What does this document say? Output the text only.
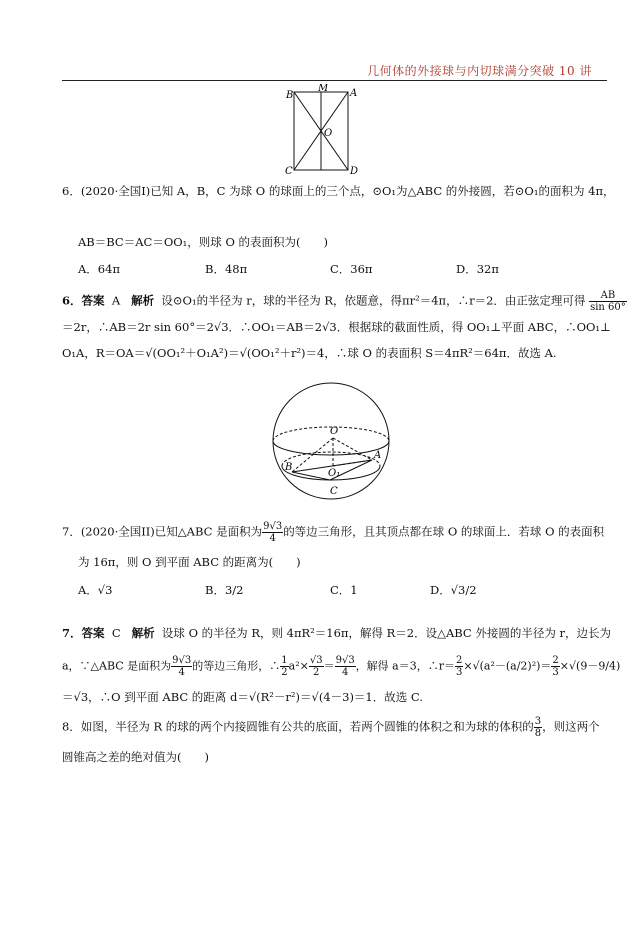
几何体的外接球与内切球满分突破 10 讲
B
M A
O
C	D
6．(2020·全国I)已知 A，B，C 为球 O 的球面上的三个点，⊙O₁为△ABC 的外接圆，若⊙O₁的面积为 4π，
AB＝BC＝AC＝OO₁，则球 O 的表面积为(　　)
A．64π	B．48π	C．36π	D．32π
6．答案 A 解析 设⊙O₁的半径为 r，球的半径为 R，依题意，得πr²＝4π，∴r＝2．由正弦定理可得 $\frac{AB}{\sin 60^\circ}$
＝2r，∴AB＝2r sin 60°＝2√3．∴OO₁＝AB＝2√3．根据球的截面性质，得 OO₁⊥平面 ABC，∴OO₁⊥
O₁A，R＝OA＝√(OO₁²＋O₁A²)＝√(OO₁²＋r²)＝4，∴球 O 的表面积 S＝4πR²＝64π．故选 A.
O
B
A
O₁
C
7．(2020·全国II)已知△ABC 是面积为 $\frac{9√3}{4}$ 的等边三角形，且其顶点都在球 O 的球面上．若球 O 的表面积
为 16π，则 O 到平面 ABC 的距离为(　　)
A．√3	B．3/2	C．1	D．√3/2
7．答案 C 解析 设球 O 的半径为 R，则 4πR²＝16π，解得 R＝2．设△ABC 外接圆的半径为 r，边长为
a，∵△ABC 是面积为 $\frac{9√3}{4}$ 的等边三角形，∴ $\frac{1}{2} a^2\times \frac{√3}{2} = \frac{9√3}{4}$ ，解得 a＝3，∴r＝ $\frac{2}{3} \times√(a^2-(a/2)^2)= \frac{2}{3} \times√(9-9/4)$
＝√3，∴O 到平面 ABC 的距离 d＝√(R²－r²)＝√(4－3)＝1．故选 C.
8．如图，半径为 R 的球的两个内接圆锥有公共的底面，若两个圆锥的体积之和为球的体积的 $\frac{3}{8}$ ，则这两个
圆锥高之差的绝对值为(　　)
